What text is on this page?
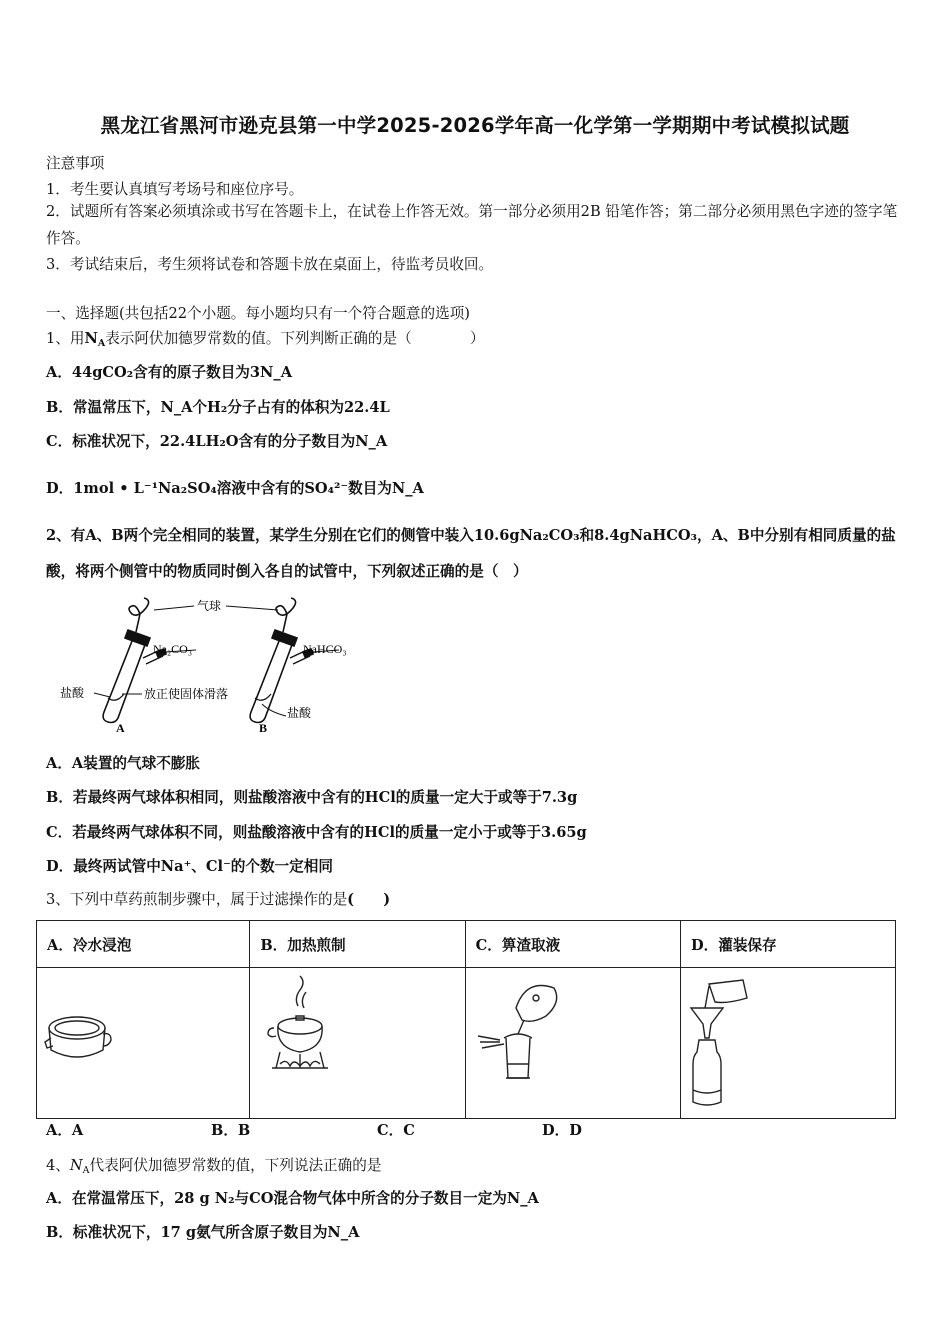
黑龙江省黑河市逊克县第一中学2025-2026学年高一化学第一学期期中考试模拟试题
注意事项
1．考生要认真填写考场号和座位序号。
2．试题所有答案必须填涂或书写在答题卡上，在试卷上作答无效。第一部分必须用2B 铅笔作答；第二部分必须用黑色字迹的签字笔作答。
3．考试结束后，考生须将试卷和答题卡放在桌面上，待监考员收回。
一、选择题(共包括22个小题。每小题均只有一个符合题意的选项)
1、用$N_A$表示阿伏加德罗常数的值。下列判断正确的是（　　　　）
A．44gCO₂含有的原子数目为3N_A
B．常温常压下，N_A个H₂分子占有的体积为22.4L
C．标准状况下，22.4LH₂O含有的分子数目为N_A
D．1mol • L⁻¹Na₂SO₄溶液中含有的SO₄²⁻数目为N_A
2、有A、B两个完全相同的装置，某学生分别在它们的侧管中装入10.6gNa₂CO₃和8.4gNaHCO₃，A、B中分别有相同质量的盐酸，将两个侧管中的物质同时倒入各自的试管中，下列叙述正确的是（　）
气球
Na₂CO₃	NaHCO₃
盐酸	放正使固体滑落
盐酸
A	B
A．A装置的气球不膨胀
B．若最终两气球体积相同，则盐酸溶液中含有的HCl的质量一定大于或等于7.3g
C．若最终两气球体积不同，则盐酸溶液中含有的HCl的质量一定小于或等于3.65g
D．最终两试管中Na⁺、Cl⁻的个数一定相同
3、下列中草药煎制步骤中，属于过滤操作的是(　　)
A．冷水浸泡	B．加热煎制	C．箅渣取液	D．灌装保存

A．A	B．B	C．C	D．D
4、$N_A$代表阿伏加德罗常数的值，下列说法正确的是
A．在常温常压下，28 g N₂与CO混合物气体中所含的分子数目一定为N_A
B．标准状况下，17 g氨气所含原子数目为N_A
